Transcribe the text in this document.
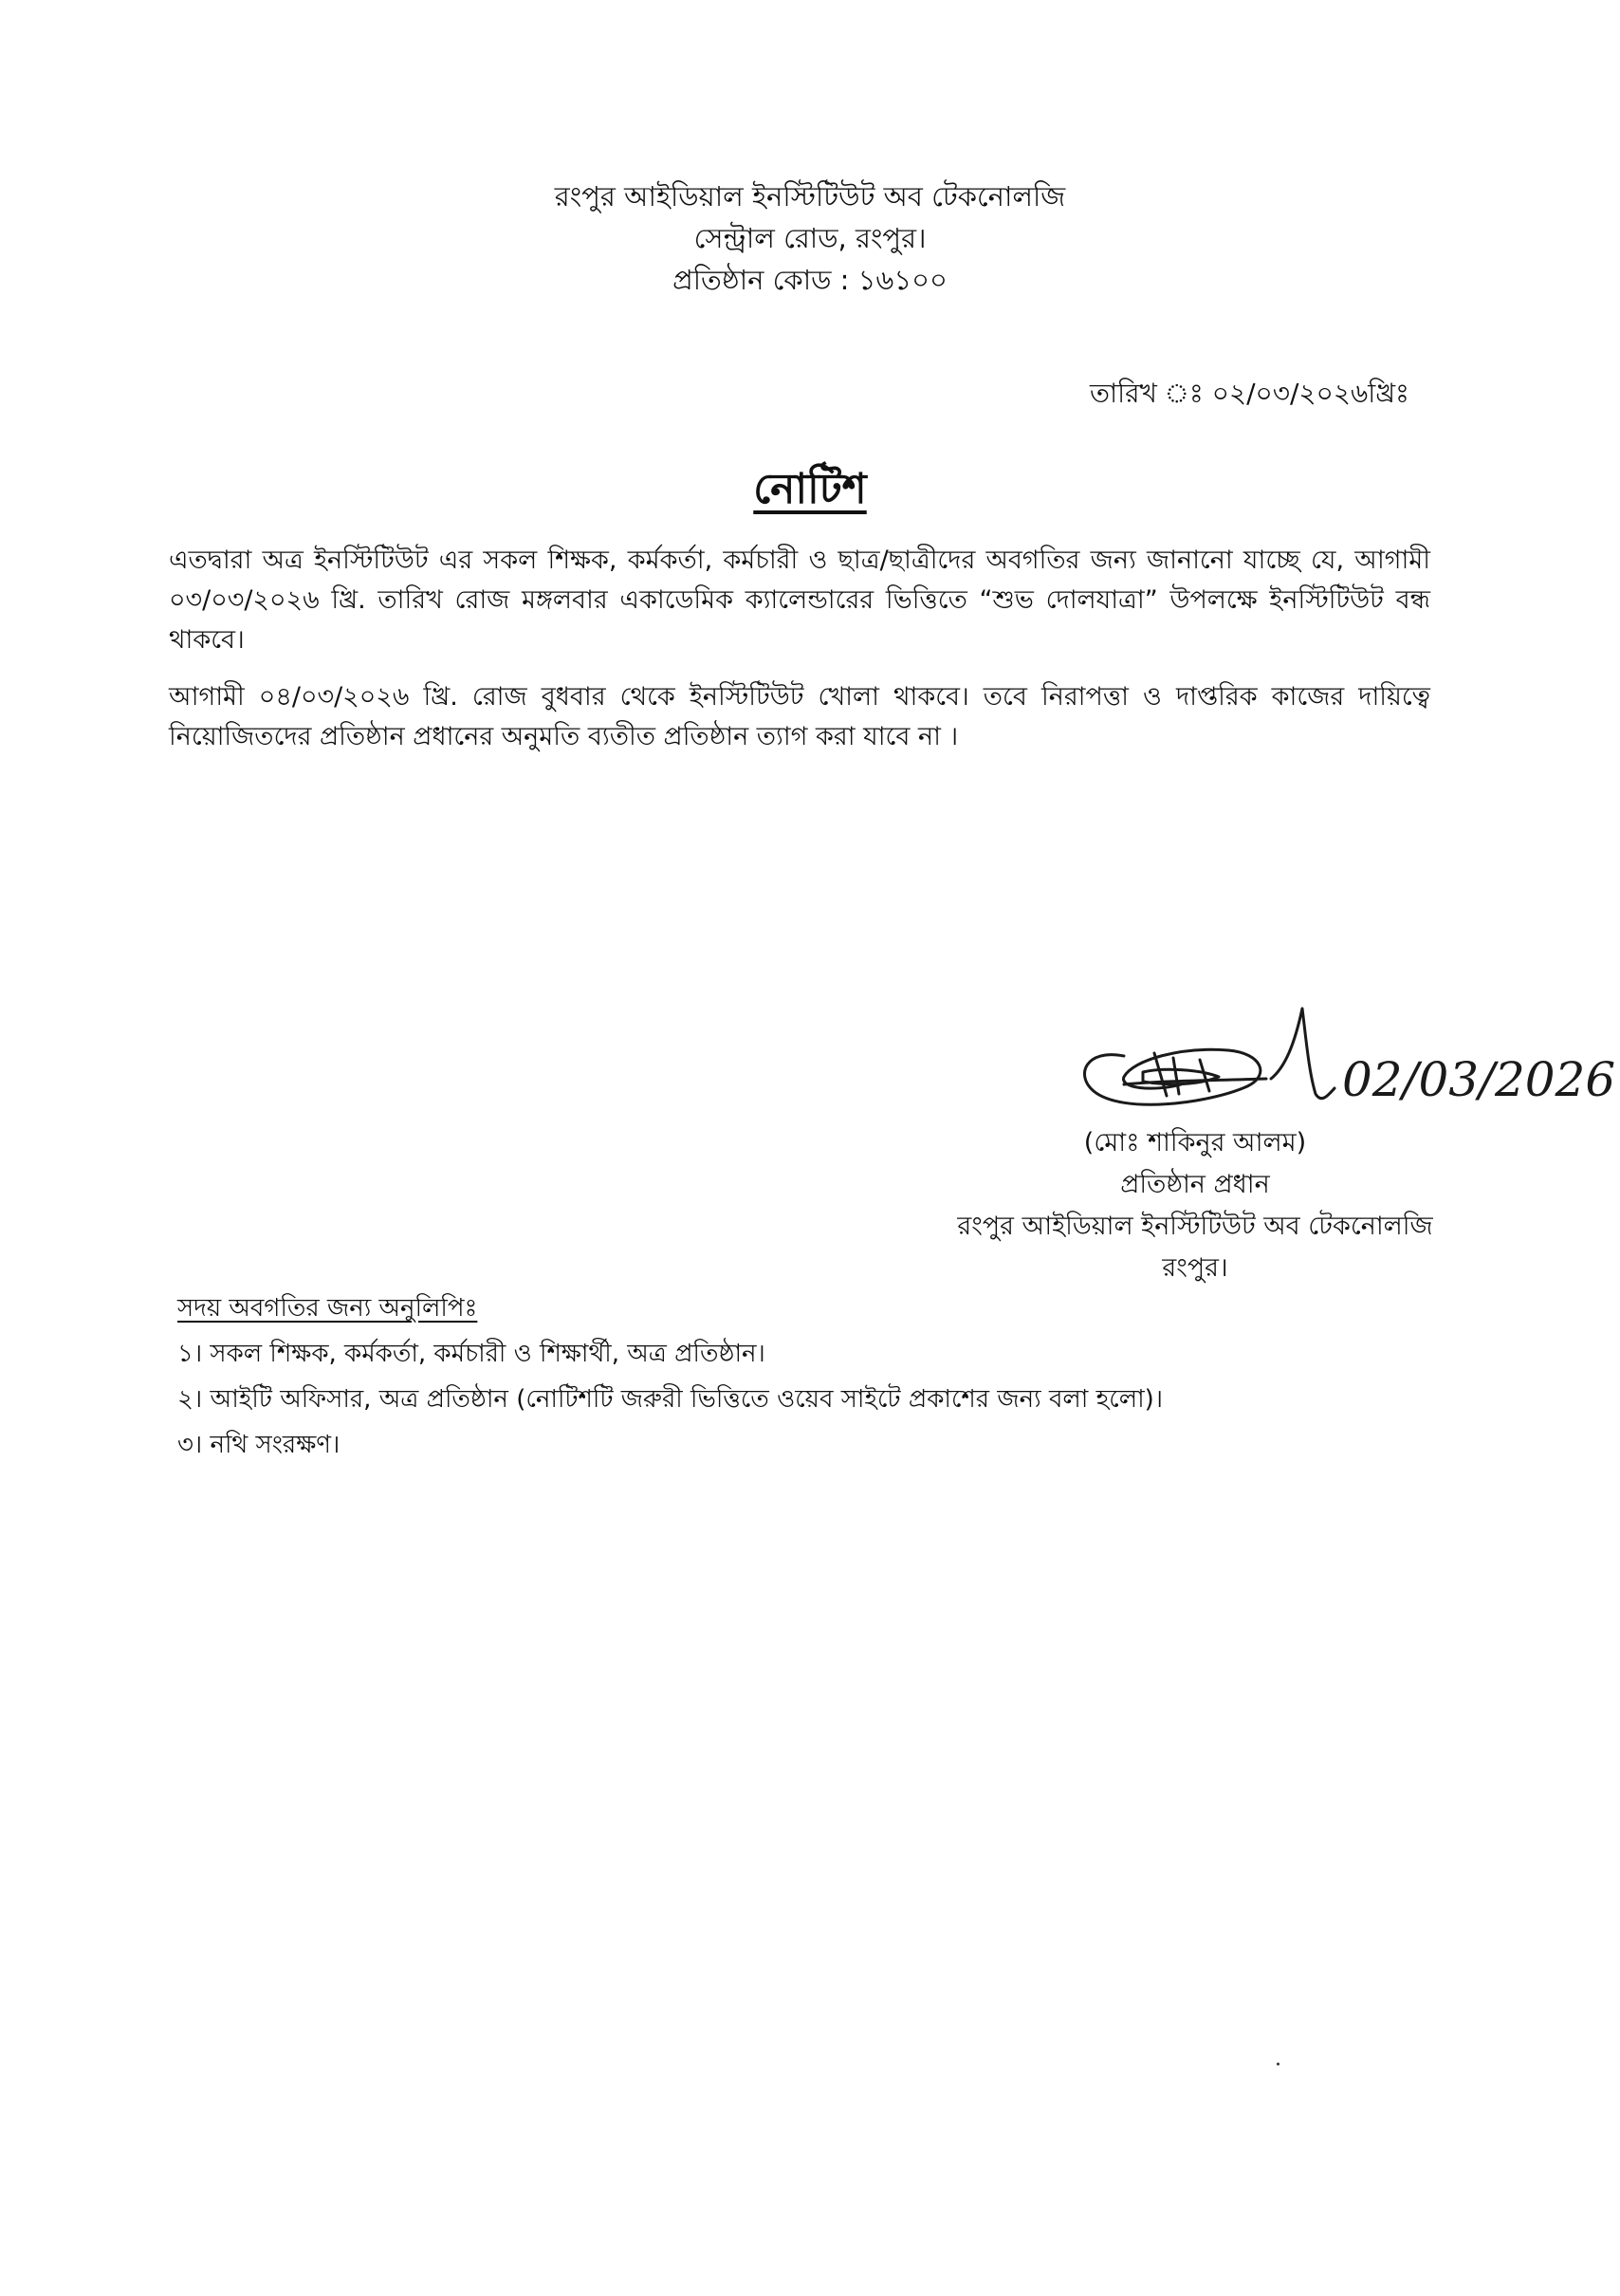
রংপুর আইডিয়াল ইনস্টিটিউট অব টেকনোলজি
সেন্ট্রাল রোড, রংপুর।
প্রতিষ্ঠান কোড : ১৬১০০
তারিখ ঃ ০২/০৩/২০২৬খ্রিঃ
নোটিশ

এতদ্বারা অত্র ইনস্টিটিউট এর সকল শিক্ষক, কর্মকর্তা, কর্মচারী ও ছাত্র/ছাত্রীদের অবগতির জন্য জানানো যাচ্ছে যে, আগামী ০৩/০৩/২০২৬ খ্রি. তারিখ রোজ মঙ্গলবার একাডেমিক ক্যালেন্ডারের ভিত্তিতে “শুভ দোলযাত্রা” উপলক্ষে ইনস্টিটিউট বন্ধ থাকবে।

আগামী ০৪/০৩/২০২৬ খ্রি. রোজ বুধবার থেকে ইনস্টিটিউট খোলা থাকবে। তবে নিরাপত্তা ও দাপ্তরিক কাজের দায়িত্বে নিয়োজিতদের প্রতিষ্ঠান প্রধানের অনুমতি ব্যতীত প্রতিষ্ঠান ত্যাগ করা যাবে না ।

02/03/2026
(মোঃ শাকিনুর আলম)
প্রতিষ্ঠান প্রধান
রংপুর আইডিয়াল ইনস্টিটিউট অব টেকনোলজি
রংপুর।
সদয় অবগতির জন্য অনুলিপিঃ
১। সকল শিক্ষক, কর্মকর্তা, কর্মচারী ও শিক্ষার্থী, অত্র প্রতিষ্ঠান।
২। আইটি অফিসার, অত্র প্রতিষ্ঠান (নোটিশটি জরুরী ভিত্তিতে ওয়েব সাইটে প্রকাশের জন্য বলা হলো)।
৩। নথি সংরক্ষণ।
